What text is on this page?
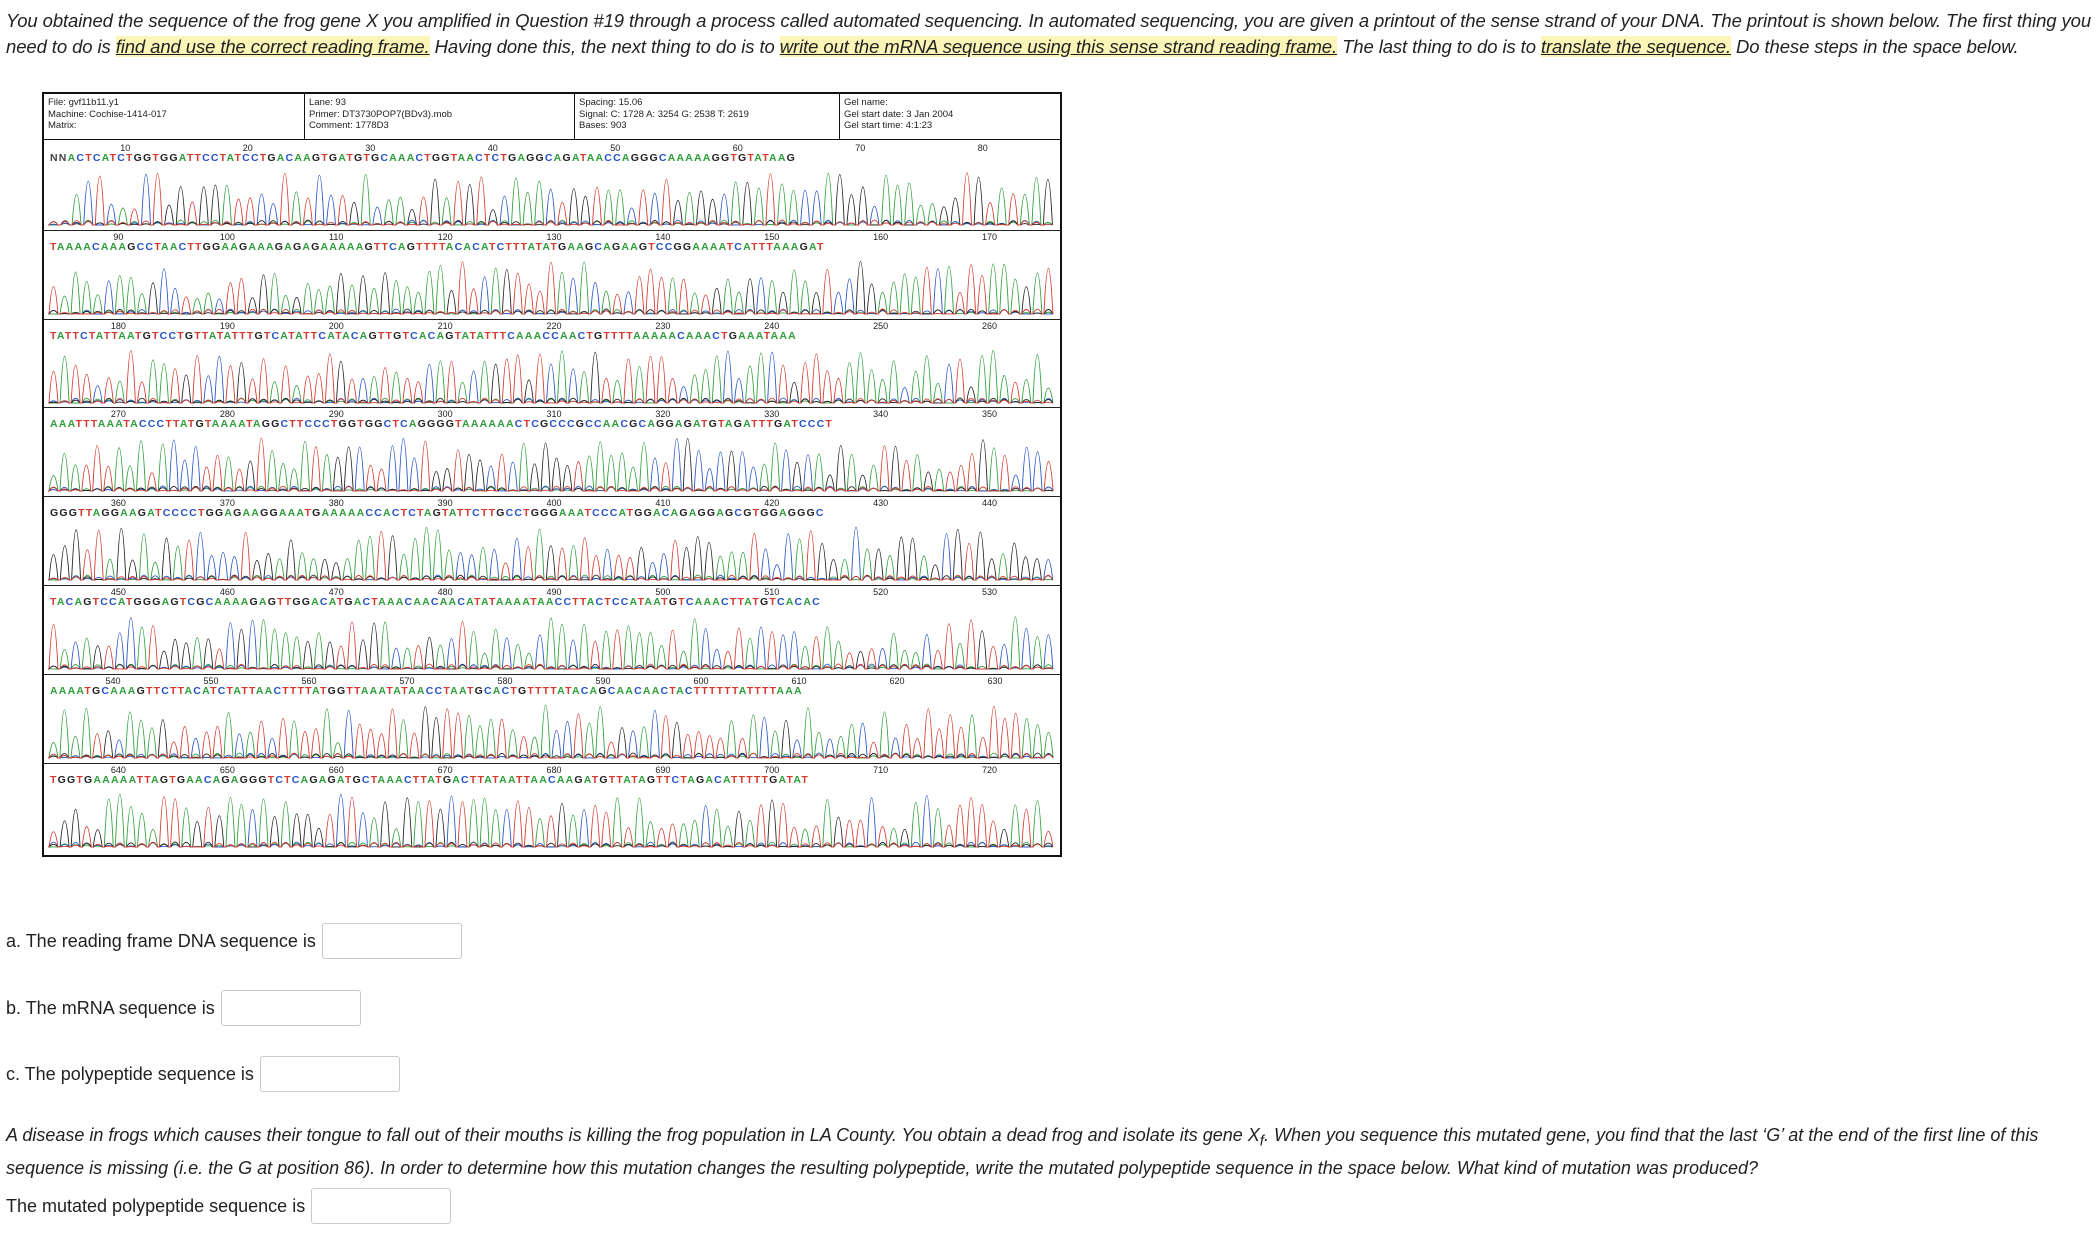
You obtained the sequence of the frog gene X you amplified in Question #19 through a process called automated sequencing. In automated sequencing, you are given a printout of the sense strand of your DNA. The printout is shown below. The first thing you need to do is find and use the correct reading frame. Having done this, the next thing to do is to write out the mRNA sequence using this sense strand reading frame. The last thing to do is to translate the sequence. Do these steps in the space below.
File: gvf11b11.y1
Machine: Cochise-1414-017
Matrix:
Lane: 93
Primer: DT3730POP7(BDv3).mob
Comment: 1778D3
Spacing: 15.06
Signal: C: 1728 A: 3254 G: 2538 T: 2619
Bases: 903
Gel name:
Gel start date: 3 Jan 2004
Gel start time: 4:1:23
10	20	30	40	50	60	70	80
NNACTCATCTGGTGGATTCCTATCCTGACAAGTGATGTGCAAACTGGTAACTCTGAGGCAGATAACCAGGGCAAAAAGGTGTATAAG
90	100	110	120	130	140	150	160	170
TAAAACAAAGCCTAACTTGGAAGAAAGAGAGAAAAAGTTCAGTTTTACACATCTTTATATGAAGCAGAAGTCCGGAAAATCATTTAAAGAT
180	190	200	210	220	230	240	250	260
TATTCTATTAATGTCCTGTTATATTTGTCATATTCATACAGTTGTCACAGTATATTTCAAACCAACTGTTTTAAAAACAAACTGAAATAAA
270	280	290	300	310	320	330	340	350
AAATTTAAATACCCTTATGTAAAATAGGCTTCCCTGGTGGCTCAGGGGTAAAAAACTCGCCCGCCAACGCAGGAGATGTAGATTTGATCCCT
360	370	380	390	400	410	420	430	440
GGGTTAGGAAGATCCCCTGGAGAAGGAAATGAAAAACCACTCTAGTATTCTTGCCTGGGAAATCCCATGGACAGAGGAGCGTGGAGGGC
450	460	470	480	490	500	510	520	530
TACAGTCCATGGGAGTCGCAAAAGAGTTGGACATGACTAAACAACAACATATAAAATAACCTTACTCCATAATGTCAAACTTATGTCACAC
540	550	560	570	580	590	600	610	620	630
AAAATGCAAAGTTCTTACATCTATTAACTTTTATGGTTAAATATAACCTAATGCACTGTTTTATACAGCAACAACTACTTTTTTATTTTAAA
640	650	660	670	680	690	700	710	720
TGGTGAAAAATTAGTGAACAGAGGGTCTCAGAGATGCTAAACTTATGACTTATAATTAACAAGATGTTATAGTTCTAGACATTTTTGATAT
a. The reading frame DNA sequence is
b. The mRNA sequence is
c. The polypeptide sequence is
A disease in frogs which causes their tongue to fall out of their mouths is killing the frog population in LA County. You obtain a dead frog and isolate its gene $X_f$. When you sequence this mutated gene, you find that the last ‘G’ at the end of the first line of this sequence is missing (i.e. the G at position 86). In order to determine how this mutation changes the resulting polypeptide, write the mutated polypeptide sequence in the space below. What kind of mutation was produced?
The mutated polypeptide sequence is
